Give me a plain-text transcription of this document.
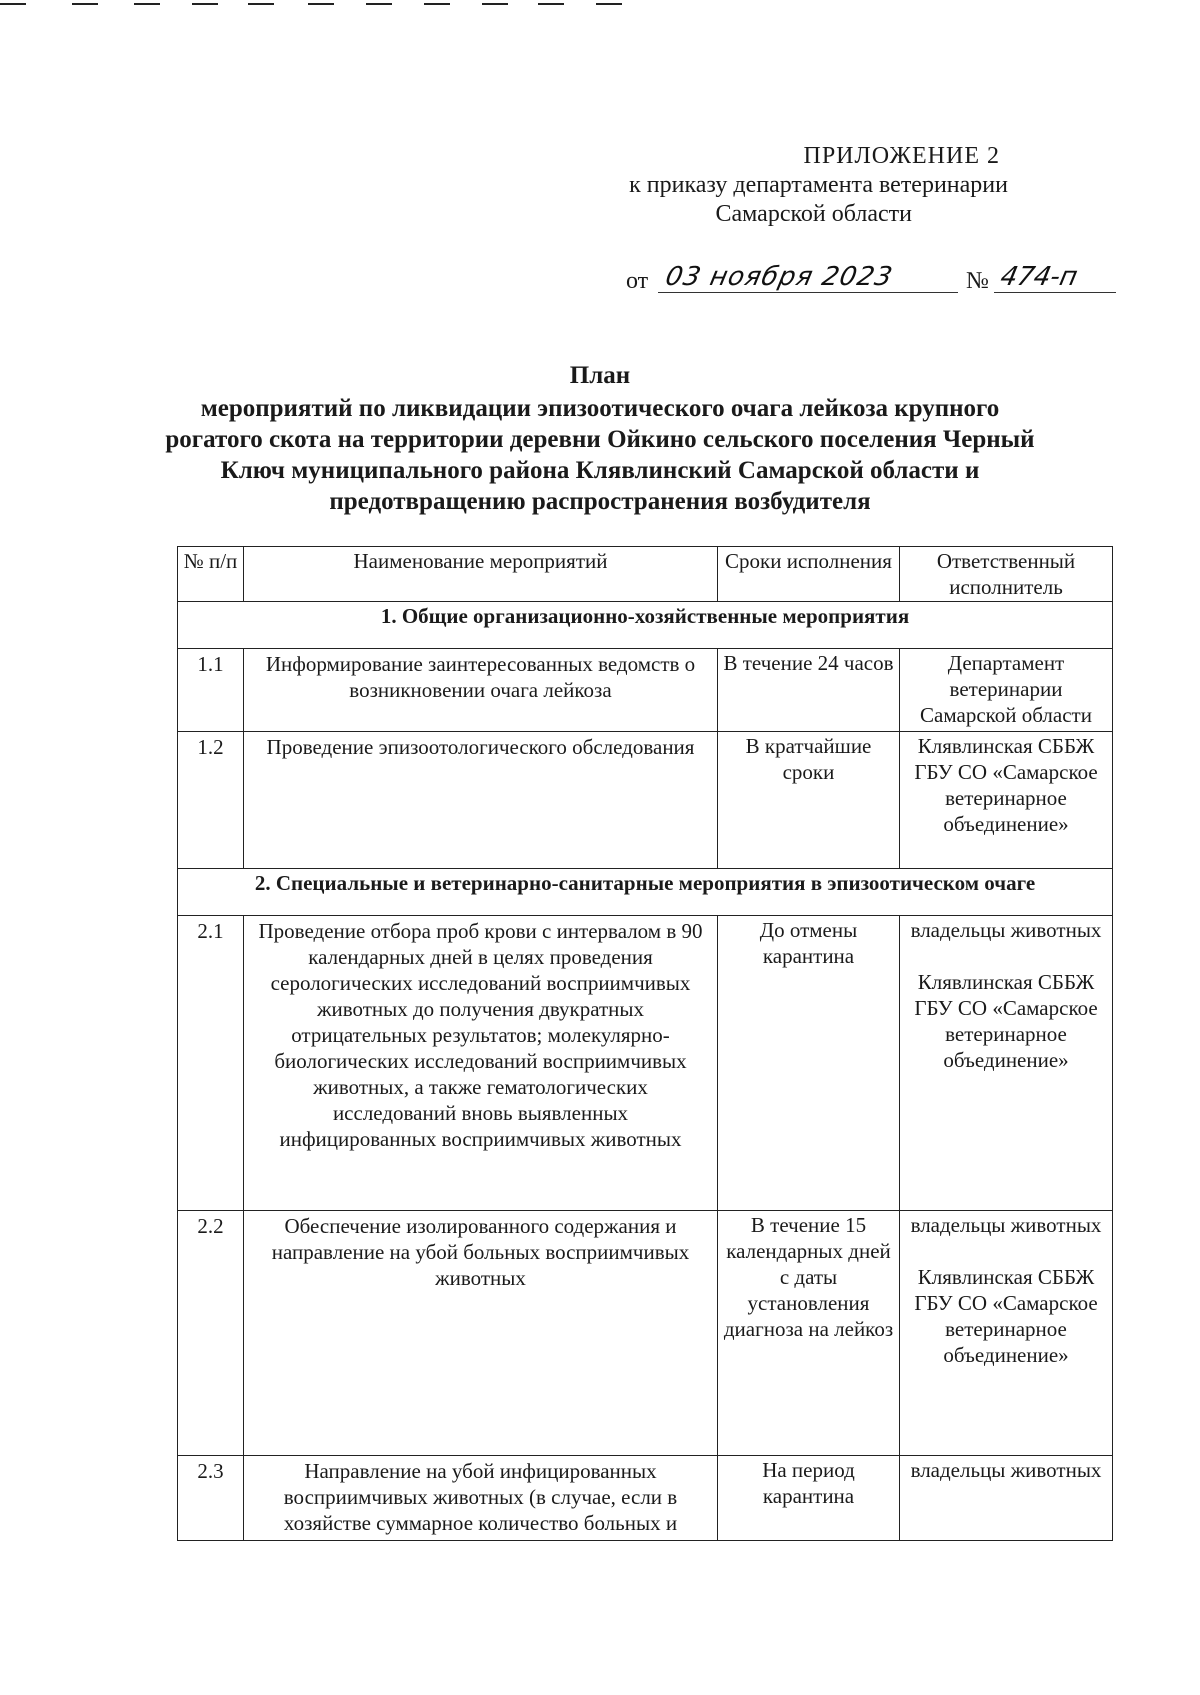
ПРИЛОЖЕНИЕ 2
к приказу департамента ветеринарии
Самарской области
от 03 ноября 2023	№ 474-п
План
мероприятий по ликвидации эпизоотического очага лейкоза крупного рогатого скота на территории деревни Ойкино сельского поселения Черный Ключ муниципального района Клявлинский Самарской области и предотвращению распространения возбудителя
№ п/п	Наименование мероприятий	Сроки исполнения	Ответственный исполнитель
1. Общие организационно-хозяйственные мероприятия			
1.1	Информирование заинтересованных ведомств о возникновении очага лейкоза	В течение 24 часов	Департамент ветеринарии Самарской области
1.2	Проведение эпизоотологического обследования	В кратчайшие сроки	Клявлинская СББЖ ГБУ СО «Самарское ветеринарное объединение»
2. Специальные и ветеринарно-санитарные мероприятия в эпизоотическом очаге			
2.1	Проведение отбора проб крови с интервалом в 90 календарных дней в целях проведения серологических исследований восприимчивых животных до получения двукратных отрицательных результатов; молекулярно-биологических исследований восприимчивых животных, а также гематологических исследований вновь выявленных инфицированных восприимчивых животных	До отмены карантина	владельцы животных
Клявлинская СББЖ ГБУ СО «Самарское ветеринарное объединение»
2.2	Обеспечение изолированного содержания и направление на убой больных восприимчивых животных	В течение 15 календарных дней с даты установления диагноза на лейкоз	владельцы животных
Клявлинская СББЖ ГБУ СО «Самарское ветеринарное объединение»
2.3	Направление на убой инфицированных восприимчивых животных (в случае, если в хозяйстве суммарное количество больных и	На период карантина	владельцы животных
